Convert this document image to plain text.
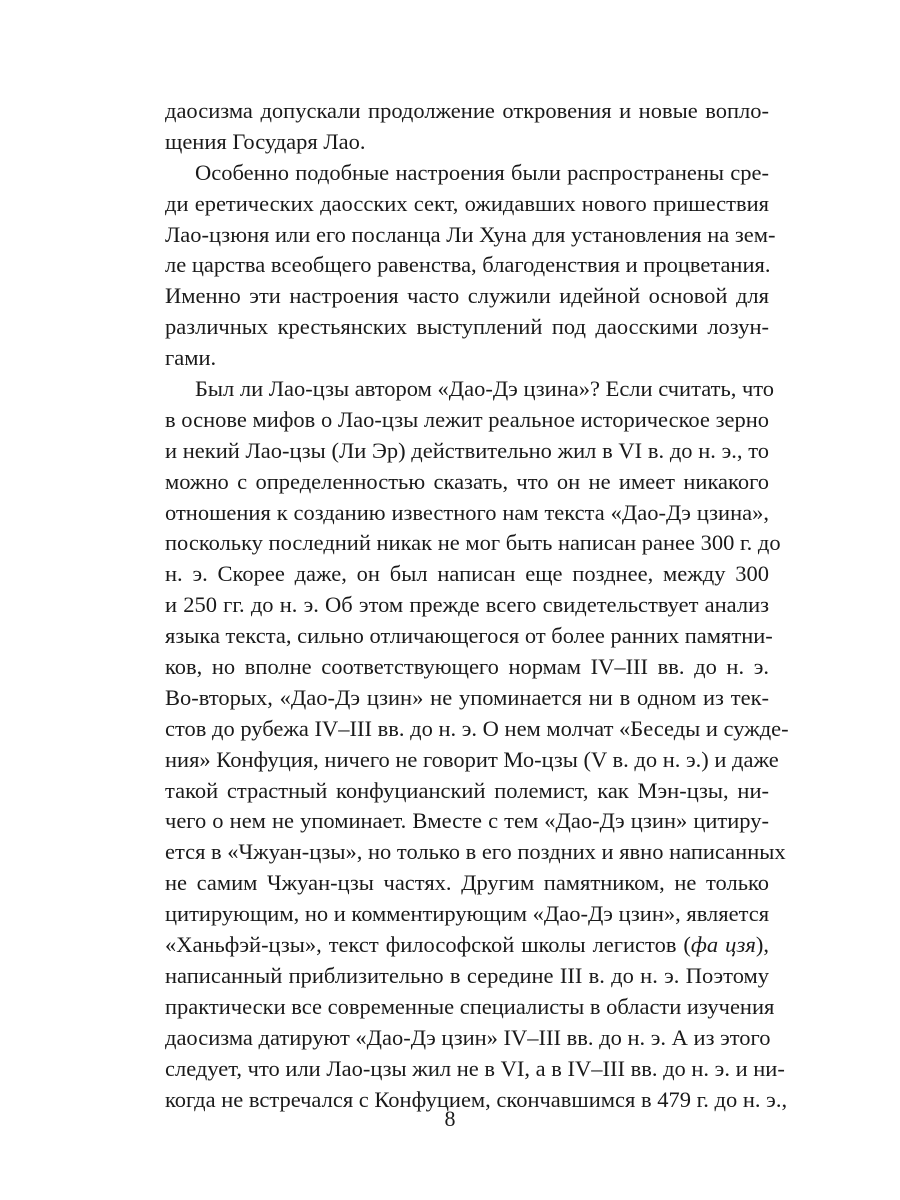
даосизма допускали продолжение откровения и новые вопло-
щения Государя Лао.
Особенно подобные настроения были распространены сре-
ди еретических даосских сект, ожидавших нового пришествия
Лао-цзюня или его посланца Ли Хуна для установления на зем-
ле царства всеобщего равенства, благоденствия и процветания.
Именно эти настроения часто служили идейной основой для
различных крестьянских выступлений под даосскими лозун-
гами.
Был ли Лао-цзы автором «Дао-Дэ цзина»? Если считать, что
в основе мифов о Лао-цзы лежит реальное историческое зерно
и некий Лао-цзы (Ли Эр) действительно жил в VI в. до н. э., то
можно с определенностью сказать, что он не имеет никакого
отношения к созданию известного нам текста «Дао-Дэ цзина»,
поскольку последний никак не мог быть написан ранее 300 г. до
н. э. Скорее даже, он был написан еще позднее, между 300
и 250 гг. до н. э. Об этом прежде всего свидетельствует анализ
языка текста, сильно отличающегося от более ранних памятни-
ков, но вполне соответствующего нормам IV–III вв. до н. э.
Во-вторых, «Дао-Дэ цзин» не упоминается ни в одном из тек-
стов до рубежа IV–III вв. до н. э. О нем молчат «Беседы и сужде-
ния» Конфуция, ничего не говорит Мо-цзы (V в. до н. э.) и даже
такой страстный конфуцианский полемист, как Мэн-цзы, ни-
чего о нем не упоминает. Вместе с тем «Дао-Дэ цзин» цитиру-
ется в «Чжуан-цзы», но только в его поздних и явно написанных
не самим Чжуан-цзы частях. Другим памятником, не только
цитирующим, но и комментирующим «Дао-Дэ цзин», является
«Ханьфэй-цзы», текст философской школы легистов (фа цзя),
написанный приблизительно в середине III в. до н. э. Поэтому
практически все современные специалисты в области изучения
даосизма датируют «Дао-Дэ цзин» IV–III вв. до н. э. А из этого
следует, что или Лао-цзы жил не в VI, а в IV–III вв. до н. э. и ни-
когда не встречался с Конфуцием, скончавшимся в 479 г. до н. э.,
8
